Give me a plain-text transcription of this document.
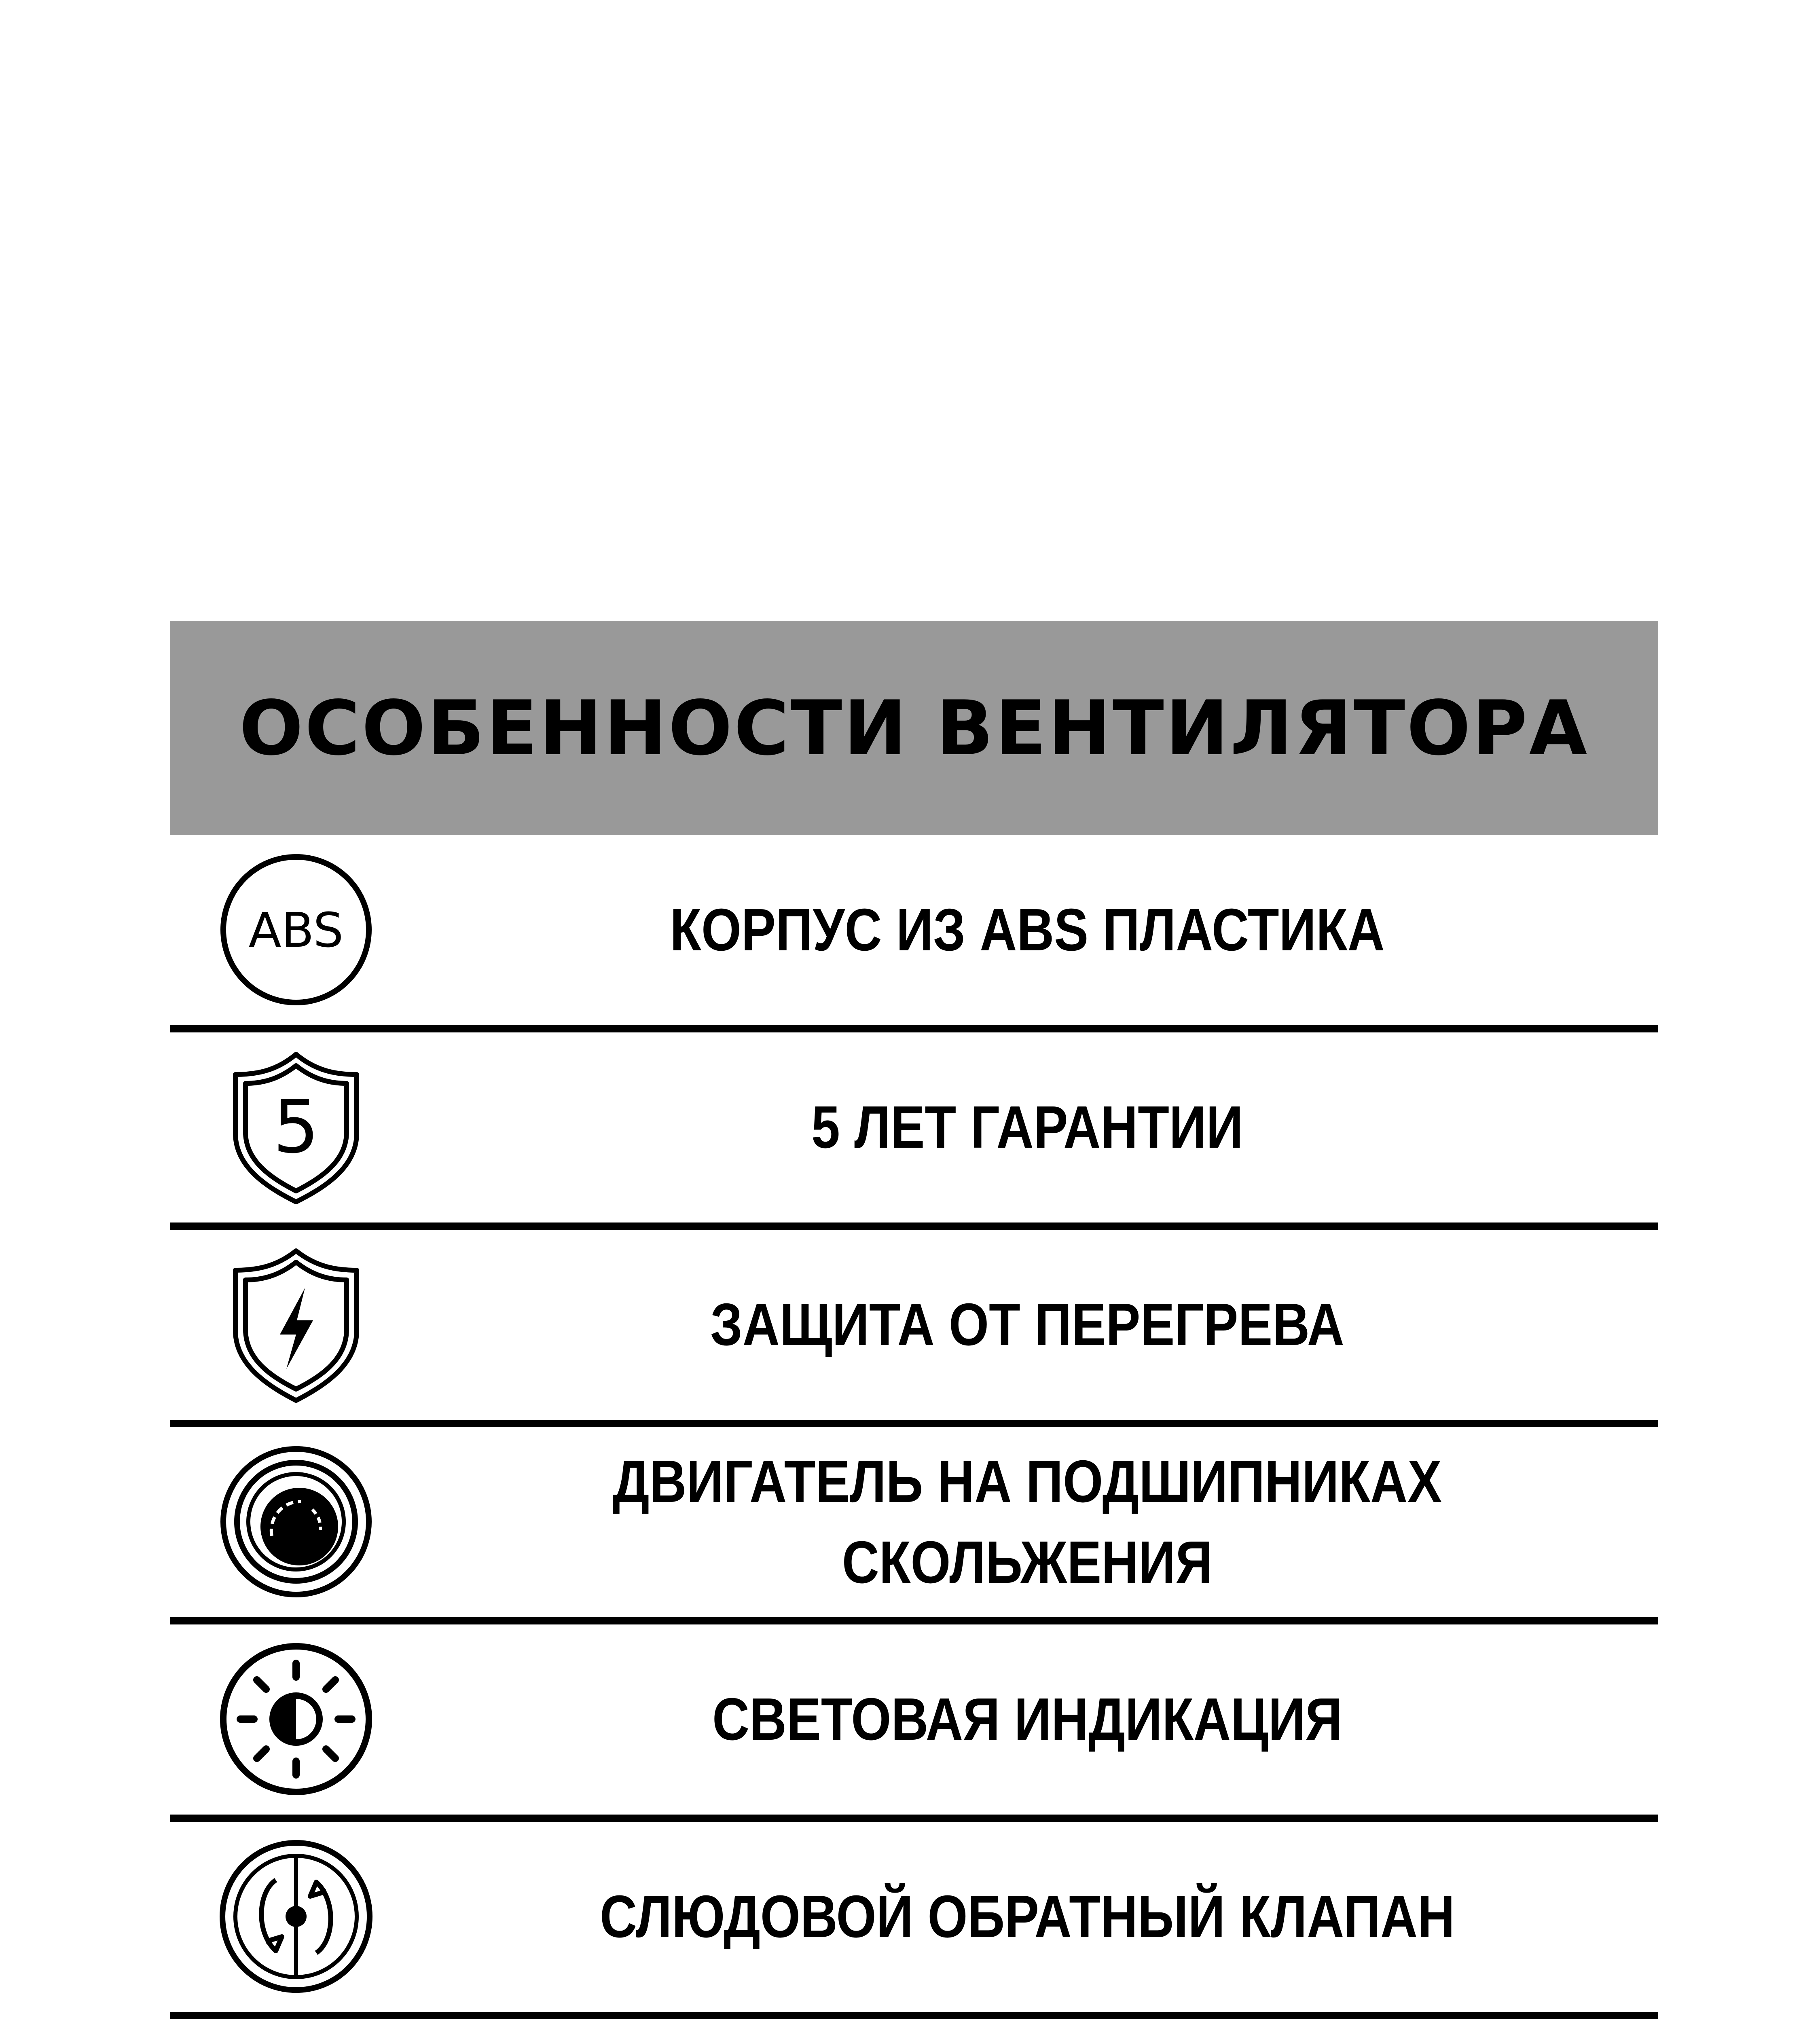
ОСОБЕННОСТИ ВЕНТИЛЯТОРА
ABS	КОРПУС ИЗ ABS ПЛАСТИКА
5	5 ЛЕТ ГАРАНТИИ
ЗАЩИТА ОТ ПЕРЕГРЕВА
ДВИГАТЕЛЬ НА ПОДШИПНИКАХ
СКОЛЬЖЕНИЯ
СВЕТОВАЯ ИНДИКАЦИЯ
СЛЮДОВОЙ ОБРАТНЫЙ КЛАПАН
